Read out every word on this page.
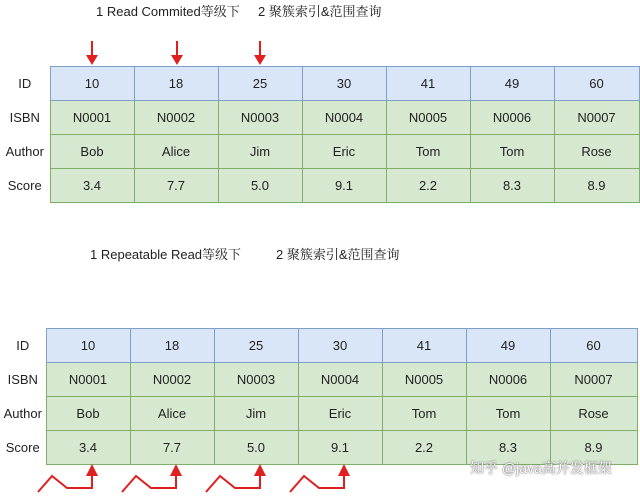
1 Read Commited等级下 2 聚簇索引&范围查询
ID	10	18	25	30	41	49	60
ISBN	N0001	N0002	N0003	N0004	N0005	N0006	N0007
Author	Bob	Alice	Jim	Eric	Tom	Tom	Rose
Score	3.4	7.7	5.0	9.1	2.2	8.3	8.9
1 Repeatable Read等级下	2 聚簇索引&范围查询
ID	10	18	25	30	41	49	60
ISBN	N0001	N0002	N0003	N0004	N0005	N0006	N0007
Author	Bob	Alice	Jim	Eric	Tom	Tom	Rose
Score	3.4	7.7	5.0	9.1	2.2	8.3	8.9
知乎 @java高并发框架
